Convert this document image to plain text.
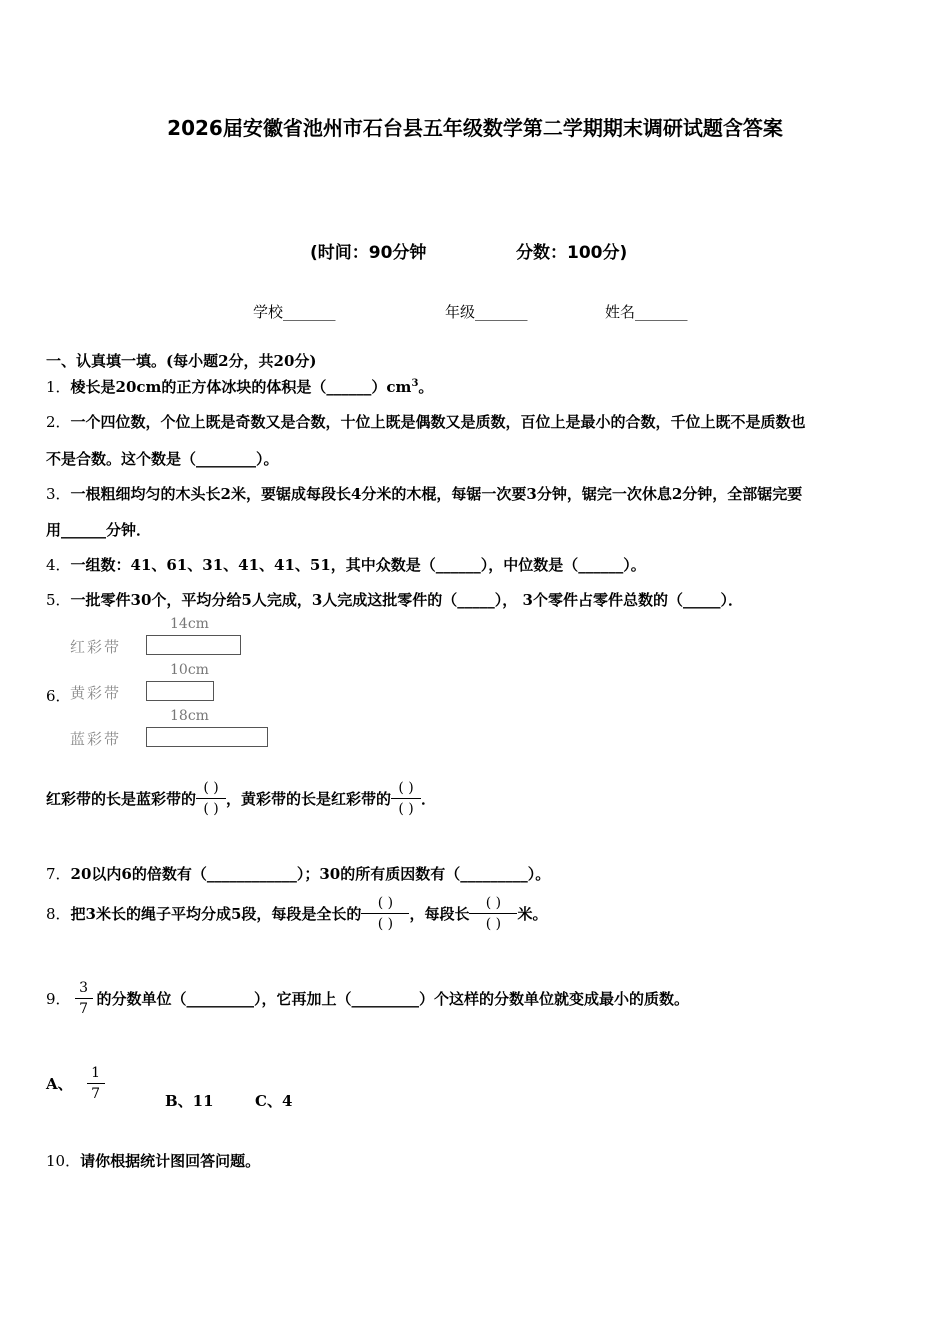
2026届安徽省池州市石台县五年级数学第二学期期末调研试题含答案
(时间：90分钟	分数：100分)
学校_______	年级_______	姓名_______
一、认真填一填。(每小题2分，共20分)
1．棱长是20cm的正方体冰块的体积是$(\_\_\_\_\_\_)cm^3$。
2．一个四位数，个位上既是奇数又是合数，十位上既是偶数又是质数，百位上是最小的合数，千位上既不是质数也
不是合数。这个数是（________）。
3．一根粗细均匀的木头长2米，要锯成每段长4分米的木棍，每锯一次要3分钟，锯完一次休息2分钟，全部锯完要
用______分钟．
4．一组数：41、61、31、41、41、51，其中众数是（______），中位数是（______）。
5．一批零件30个，平均分给5人完成，3人完成这批零件的（_____）， 3个零件占零件总数的（_____）．
14cm
红彩带
10cm
6． 黄彩带
18cm
蓝彩带
红彩带的长是蓝彩带的 $\frac{( )}{( )}$ ，黄彩带的长是红彩带的 $\frac{( )}{( )}$ ．
7．20以内6的倍数有（____________）；30的所有质因数有（_________）。
8．把3米长的绳子平均分成5段，每段是全长的 $\frac{( )}{( )}$ ，每段长 $\frac{( )}{( )}$ 米。
9． $\frac{3}{7}$ 的分数单位（_________），它再加上（_________）个这样的分数单位就变成最小的质数。
A、 $\frac{1}{7}$	B、11	C、4
10．请你根据统计图回答问题。
